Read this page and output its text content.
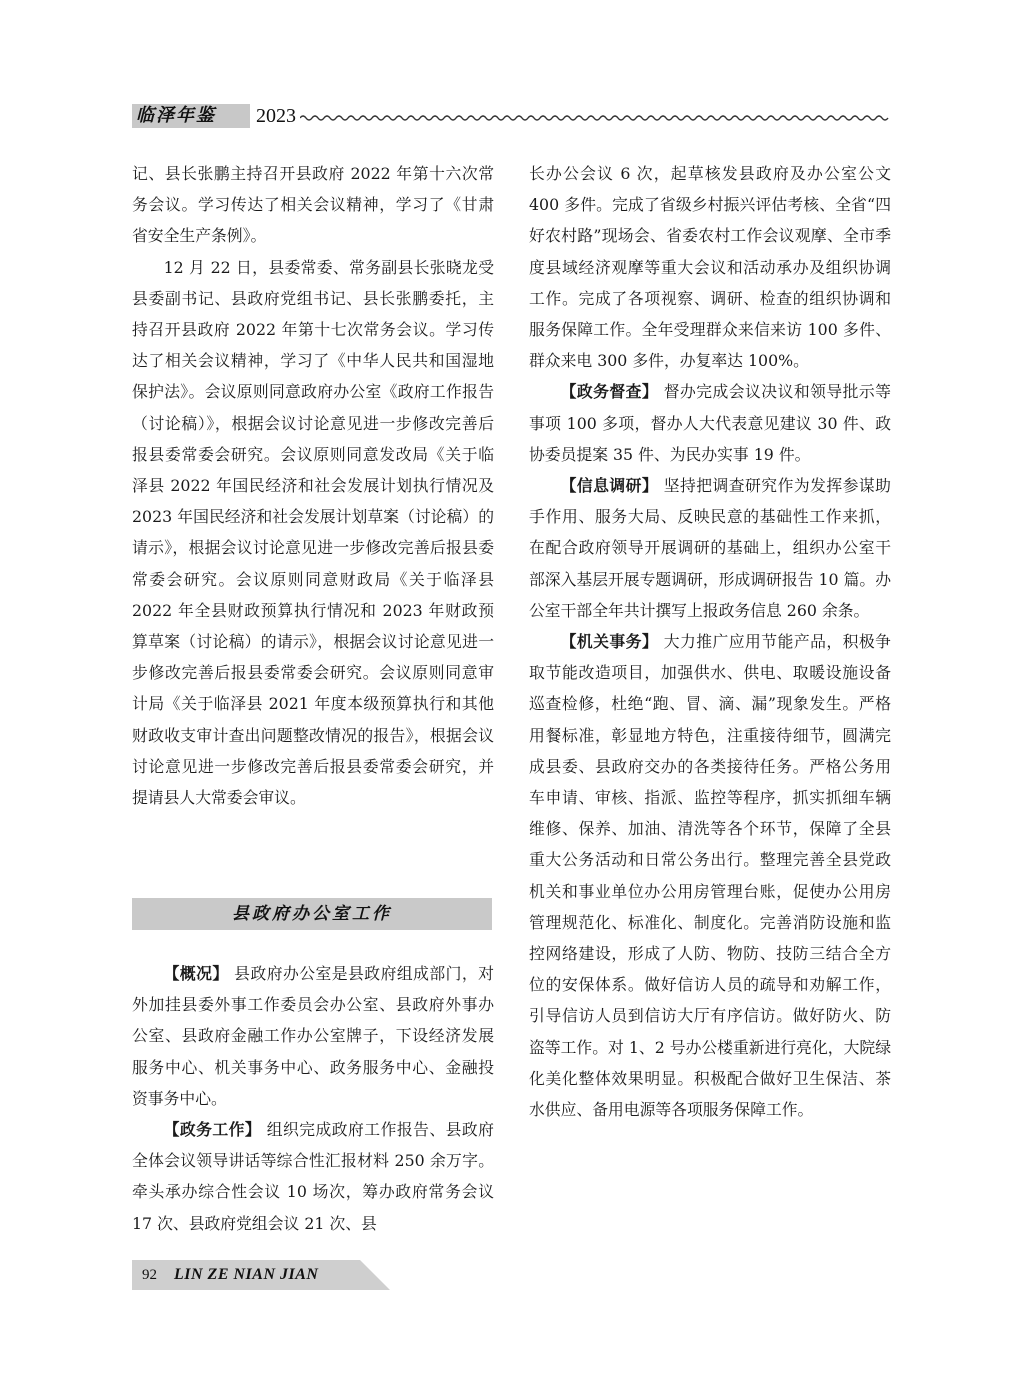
临泽年鉴	2023

记、县长张鹏主持召开县政府 2022 年第十六次常务会议。学习传达了相关会议精神，学习了《甘肃省安全生产条例》。

12 月 22 日，县委常委、常务副县长张晓龙受县委副书记、县政府党组书记、县长张鹏委托，主持召开县政府 2022 年第十七次常务会议。学习传达了相关会议精神，学习了《中华人民共和国湿地保护法》。会议原则同意政府办公室《政府工作报告（讨论稿）》，根据会议讨论意见进一步修改完善后报县委常委会研究。会议原则同意发改局《关于临泽县 2022 年国民经济和社会发展计划执行情况及 2023 年国民经济和社会发展计划草案（讨论稿）的请示》，根据会议讨论意见进一步修改完善后报县委常委会研究。会议原则同意财政局《关于临泽县 2022 年全县财政预算执行情况和 2023 年财政预算草案（讨论稿）的请示》，根据会议讨论意见进一步修改完善后报县委常委会研究。会议原则同意审计局《关于临泽县 2021 年度本级预算执行和其他财政收支审计查出问题整改情况的报告》，根据会议讨论意见进一步修改完善后报县委常委会研究，并提请县人大常委会审议。

县政府办公室工作

【概况】 县政府办公室是县政府组成部门，对外加挂县委外事工作委员会办公室、县政府外事办公室、县政府金融工作办公室牌子，下设经济发展服务中心、机关事务中心、政务服务中心、金融投资事务中心。

【政务工作】 组织完成政府工作报告、县政府全体会议领导讲话等综合性汇报材料 250 余万字。牵头承办综合性会议 10 场次，筹办政府常务会议 17 次、县政府党组会议 21 次、县

长办公会议 6 次，起草核发县政府及办公室公文 400 多件。完成了省级乡村振兴评估考核、全省“四好农村路”现场会、省委农村工作会议观摩、全市季度县域经济观摩等重大会议和活动承办及组织协调工作。完成了各项视察、调研、检查的组织协调和服务保障工作。全年受理群众来信来访 100 多件、群众来电 300 多件，办复率达 100%。

【政务督查】 督办完成会议决议和领导批示等事项 100 多项，督办人大代表意见建议 30 件、政协委员提案 35 件、为民办实事 19 件。

【信息调研】 坚持把调查研究作为发挥参谋助手作用、服务大局、反映民意的基础性工作来抓，在配合政府领导开展调研的基础上，组织办公室干部深入基层开展专题调研，形成调研报告 10 篇。办公室干部全年共计撰写上报政务信息 260 余条。

【机关事务】 大力推广应用节能产品，积极争取节能改造项目，加强供水、供电、取暖设施设备巡查检修，杜绝“跑、冒、滴、漏”现象发生。严格用餐标准，彰显地方特色，注重接待细节，圆满完成县委、县政府交办的各类接待任务。严格公务用车申请、审核、指派、监控等程序，抓实抓细车辆维修、保养、加油、清洗等各个环节，保障了全县重大公务活动和日常公务出行。整理完善全县党政机关和事业单位办公用房管理台账，促使办公用房管理规范化、标准化、制度化。完善消防设施和监控网络建设，形成了人防、物防、技防三结合全方位的安保体系。做好信访人员的疏导和劝解工作，引导信访人员到信访大厅有序信访。做好防火、防盗等工作。对 1、2 号办公楼重新进行亮化，大院绿化美化整体效果明显。积极配合做好卫生保洁、茶水供应、备用电源等各项服务保障工作。

92 LIN ZE NIAN JIAN
